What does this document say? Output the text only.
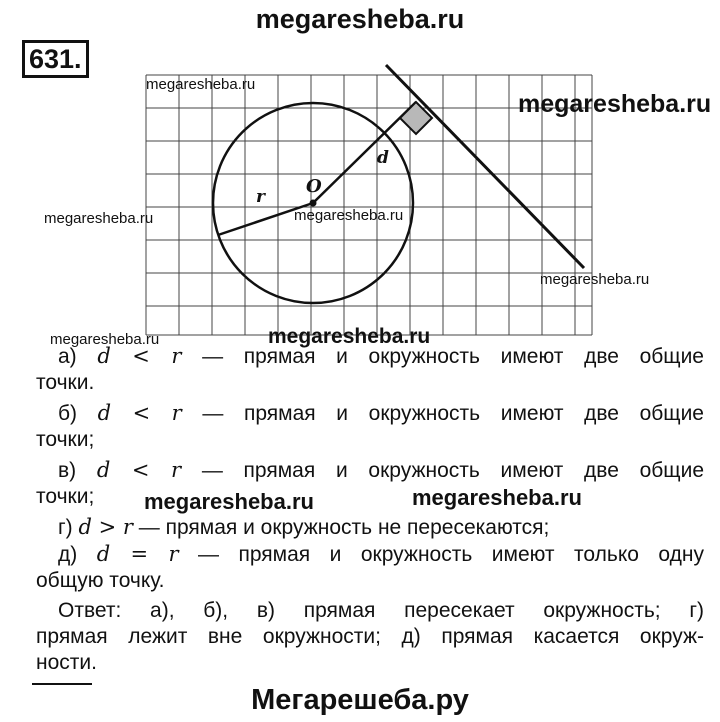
megaresheba.ru
631.
O
r
d
megaresheba.ru
megaresheba.ru
megaresheba.ru	megaresheba.ru
megaresheba.ru
megaresheba.ru	megaresheba.ru

а) d < r — прямая и окружность имеют две общие

точки.

б) d < r — прямая и окружность имеют две общие

точки;

в) d < r — прямая и окружность имеют две общие

точки;

г) d > r — прямая и окружность не пересекаются;

д) d = r — прямая и окружность имеют только одну

общую точку.

Ответ: а), б), в) прямая пересекает окружность; г)

прямая лежит вне окружности; д) прямая касается окруж-

ности.

megaresheba.ru	megaresheba.ru
Мегарешеба.ру
